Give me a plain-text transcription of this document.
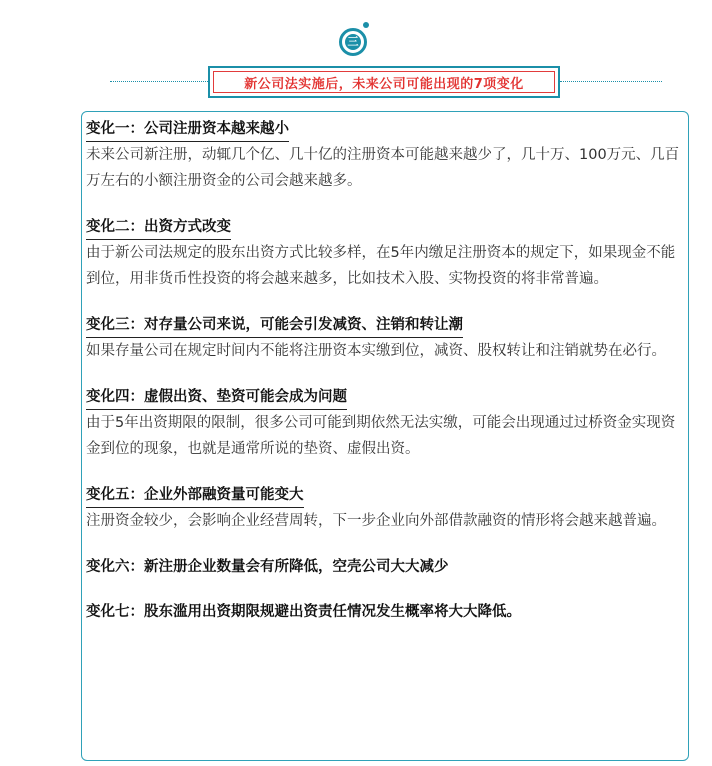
三
新公司法实施后，未来公司可能出现的7项变化
变化一：公司注册资本越来越小

未来公司新注册，动辄几个亿、几十亿的注册资本可能越来越少了，几十万、100万元、几百万左右的小额注册资金的公司会越来越多。

变化二：出资方式改变

由于新公司法规定的股东出资方式比较多样，在5年内缴足注册资本的规定下，如果现金不能到位，用非货币性投资的将会越来越多，比如技术入股、实物投资的将非常普遍。

变化三：对存量公司来说，可能会引发减资、注销和转让潮

如果存量公司在规定时间内不能将注册资本实缴到位，减资、股权转让和注销就势在必行。

变化四：虚假出资、垫资可能会成为问题

由于5年出资期限的限制，很多公司可能到期依然无法实缴，可能会出现通过过桥资金实现资金到位的现象，也就是通常所说的垫资、虚假出资。

变化五：企业外部融资量可能变大

注册资金较少，会影响企业经营周转，下一步企业向外部借款融资的情形将会越来越普遍。

变化六：新注册企业数量会有所降低，空壳公司大大减少
变化七：股东滥用出资期限规避出资责任情况发生概率将大大降低。
